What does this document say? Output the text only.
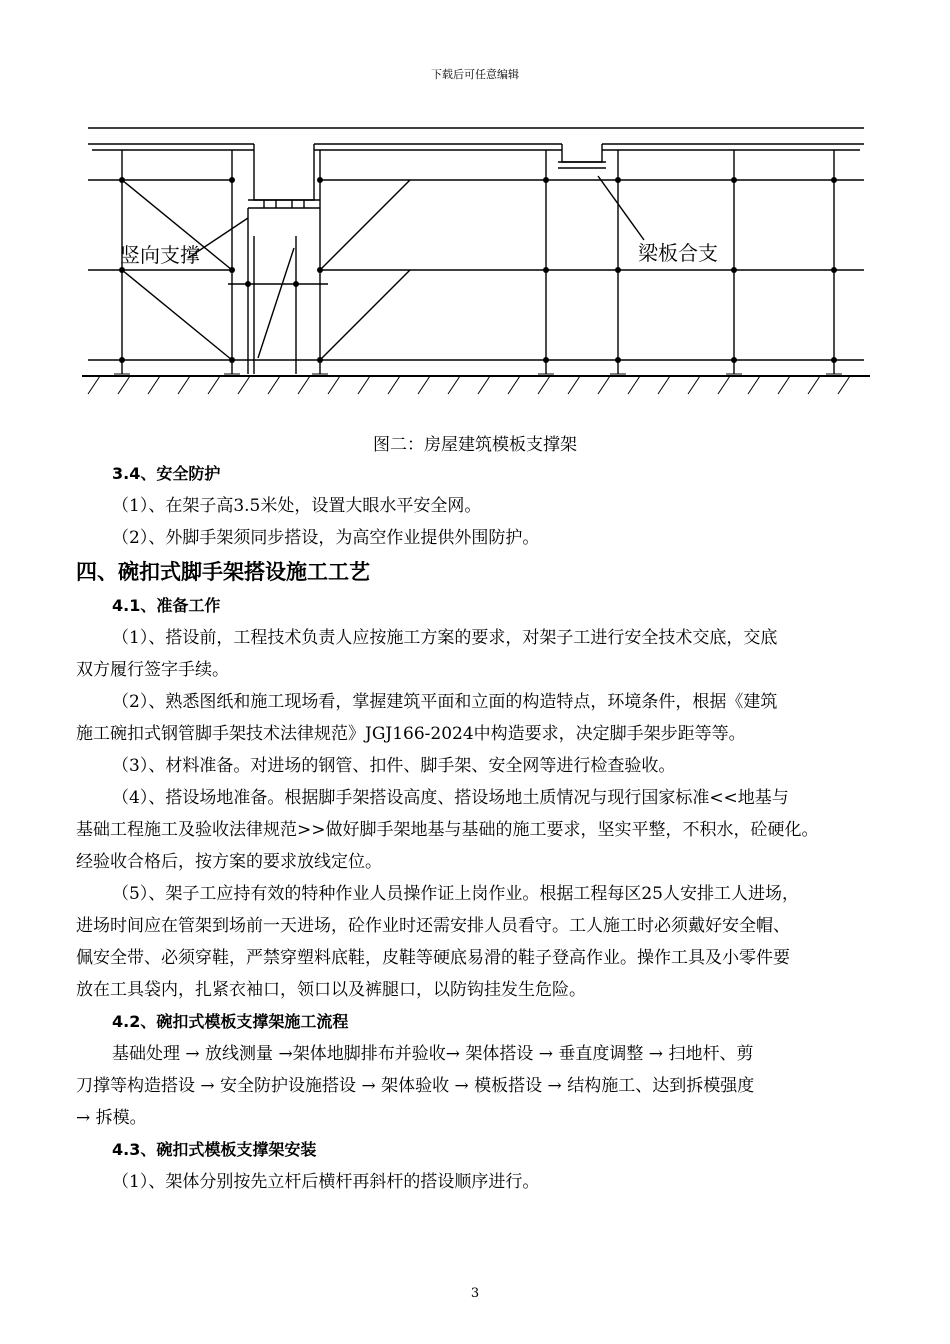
下载后可任意编辑
竖向支撑	梁板合支
图二：房屋建筑模板支撑架
3.4、安全防护
（1）、在架子高3.5米处，设置大眼水平安全网。
（2）、外脚手架须同步搭设，为高空作业提供外围防护。
四、碗扣式脚手架搭设施工工艺
4.1、准备工作
（1）、搭设前，工程技术负责人应按施工方案的要求，对架子工进行安全技术交底，交底
双方履行签字手续。
（2）、熟悉图纸和施工现场看，掌握建筑平面和立面的构造特点，环境条件，根据《建筑
施工碗扣式钢管脚手架技术法律规范》JGJ166-2024中构造要求，决定脚手架步距等等。
（3）、材料准备。对进场的钢管、扣件、脚手架、安全网等进行检查验收。
（4）、搭设场地准备。根据脚手架搭设高度、搭设场地土质情况与现行国家标准<<地基与
基础工程施工及验收法律规范>>做好脚手架地基与基础的施工要求，坚实平整，不积水，砼硬化。
经验收合格后，按方案的要求放线定位。
（5）、架子工应持有效的特种作业人员操作证上岗作业。根据工程每区25人安排工人进场，
进场时间应在管架到场前一天进场，砼作业时还需安排人员看守。工人施工时必须戴好安全帽、
佩安全带、必须穿鞋，严禁穿塑料底鞋，皮鞋等硬底易滑的鞋子登高作业。操作工具及小零件要
放在工具袋内，扎紧衣袖口，领口以及裤腿口，以防钩挂发生危险。
4.2、碗扣式模板支撑架施工流程
基础处理 → 放线测量 →架体地脚排布并验收→ 架体搭设 → 垂直度调整 → 扫地杆、剪
刀撑等构造搭设 → 安全防护设施搭设 → 架体验收 → 模板搭设 → 结构施工、达到拆模强度
→ 拆模。
4.3、碗扣式模板支撑架安装
（1）、架体分别按先立杆后横杆再斜杆的搭设顺序进行。
3
